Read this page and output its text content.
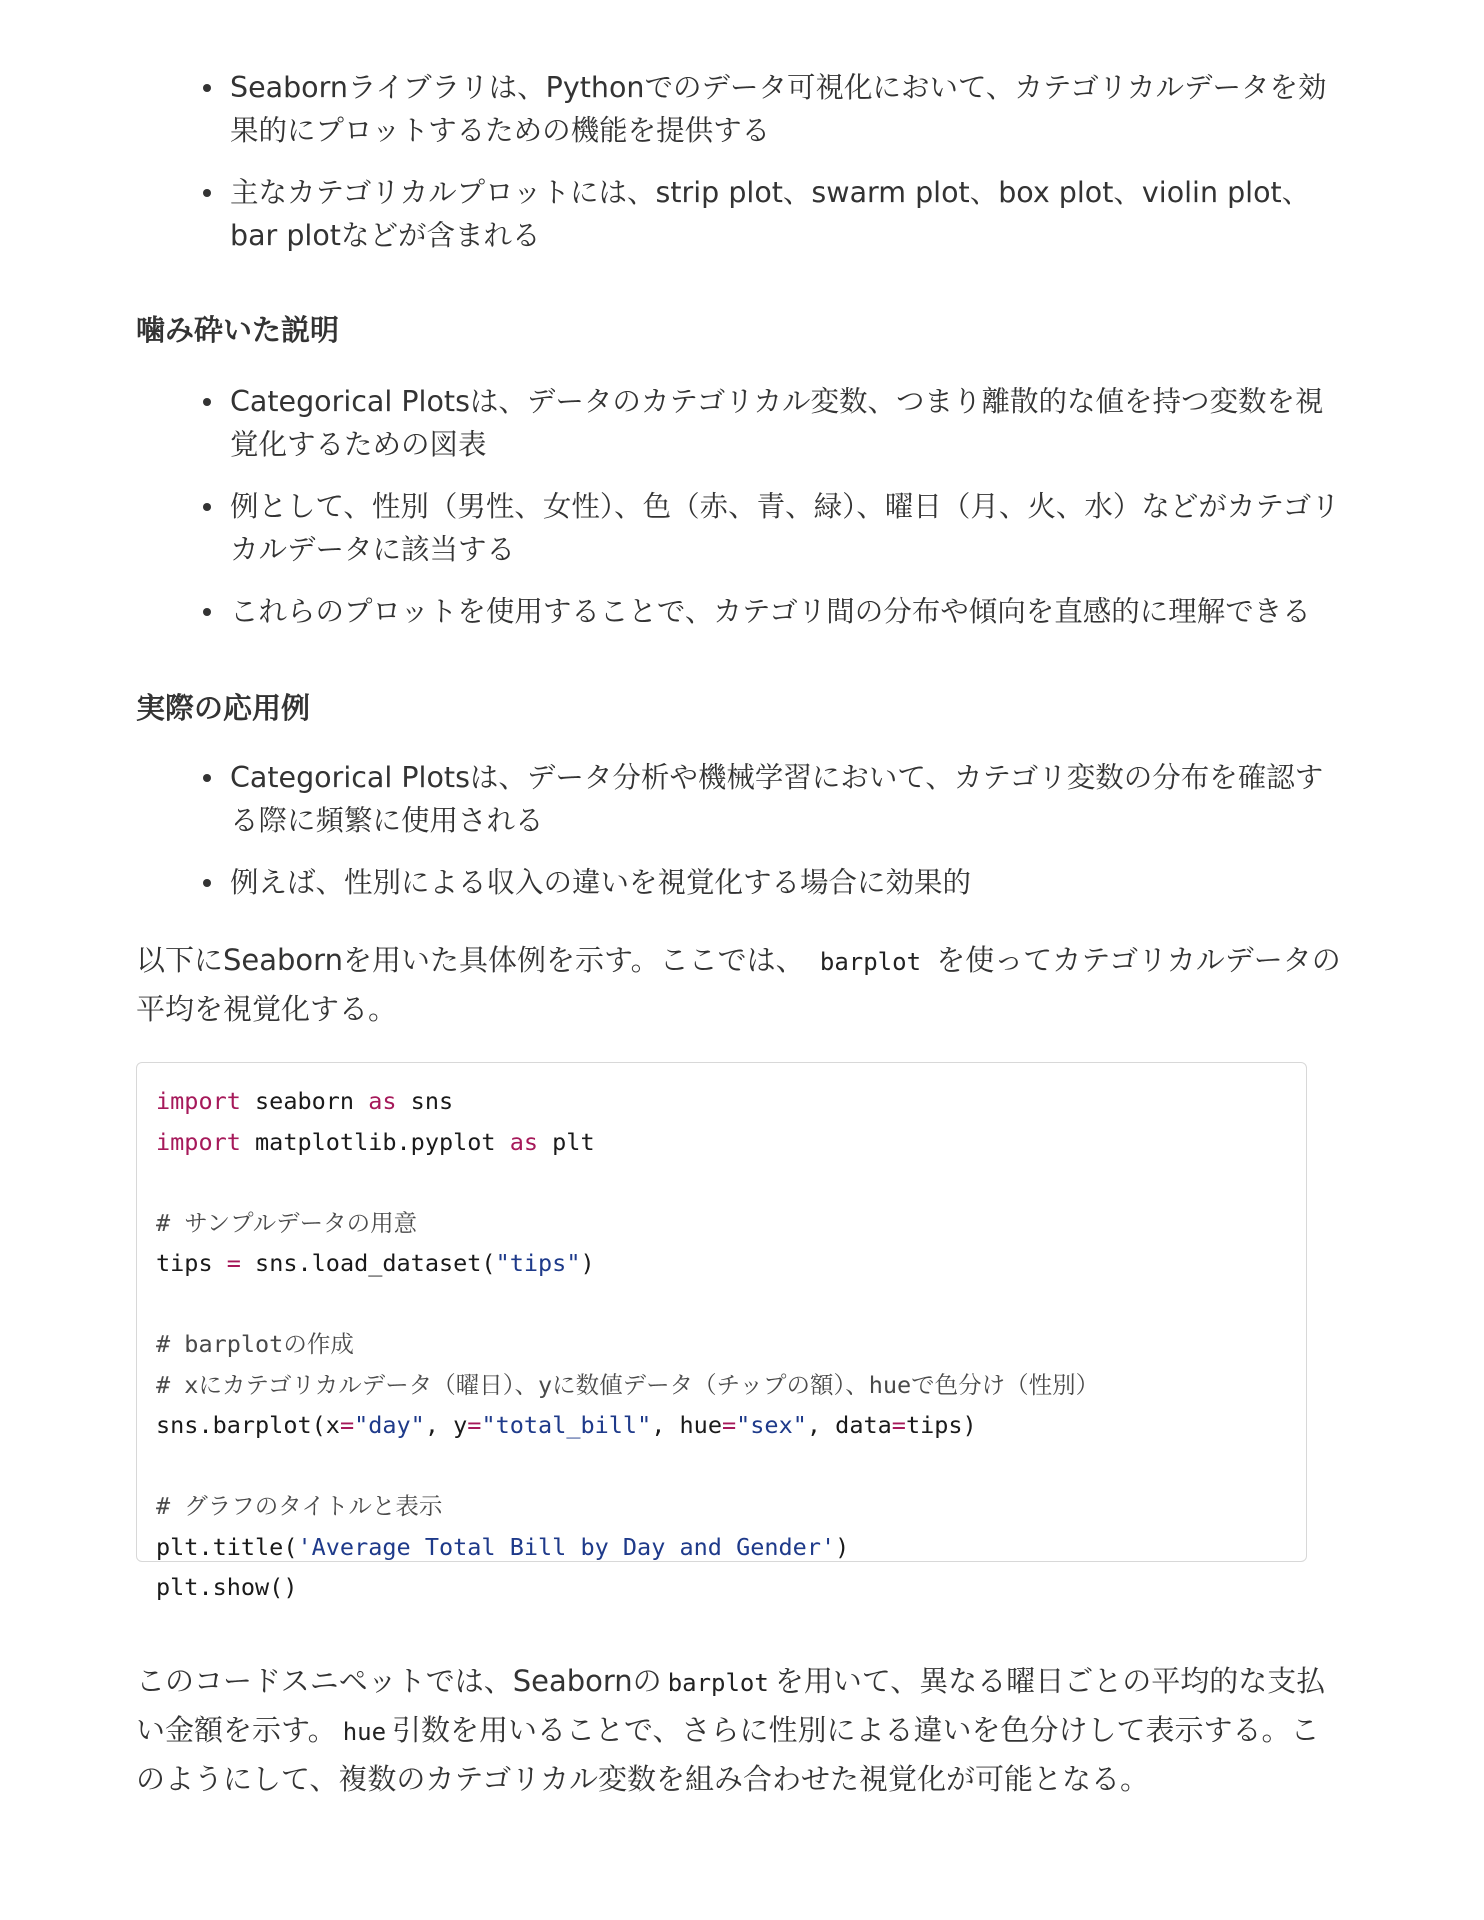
Seabornライブラリは、Pythonでのデータ可視化において、カテゴリカルデータを効果的にプロットするための機能を提供する
主なカテゴリカルプロットには、strip plot、swarm plot、box plot、violin plot、bar plotなどが含まれる
噛み砕いた説明
Categorical Plotsは、データのカテゴリカル変数、つまり離散的な値を持つ変数を視覚化するための図表
例として、性別（男性、女性）、色（赤、青、緑）、曜日（月、火、水）などがカテゴリカルデータに該当する
これらのプロットを使用することで、カテゴリ間の分布や傾向を直感的に理解できる
実際の応用例
Categorical Plotsは、データ分析や機械学習において、カテゴリ変数の分布を確認する際に頻繁に使用される
例えば、性別による収入の違いを視覚化する場合に効果的

以下にSeabornを用いた具体例を示す。ここでは、 barplot を使ってカテゴリカルデータの平均を視覚化する。

import seaborn as sns
import matplotlib.pyplot as plt
# サンプルデータの用意
tips = sns.load_dataset("tips")
# barplotの作成
# xにカテゴリカルデータ（曜日）、yに数値データ（チップの額）、hueで色分け（性別）
sns.barplot(x="day", y="total_bill", hue="sex", data=tips)
# グラフのタイトルと表示
plt.title('Average Total Bill by Day and Gender')
plt.show()

このコードスニペットでは、Seabornの barplot を用いて、異なる曜日ごとの平均的な支払い金額を示す。 hue 引数を用いることで、さらに性別による違いを色分けして表示する。このようにして、複数のカテゴリカル変数を組み合わせた視覚化が可能となる。
